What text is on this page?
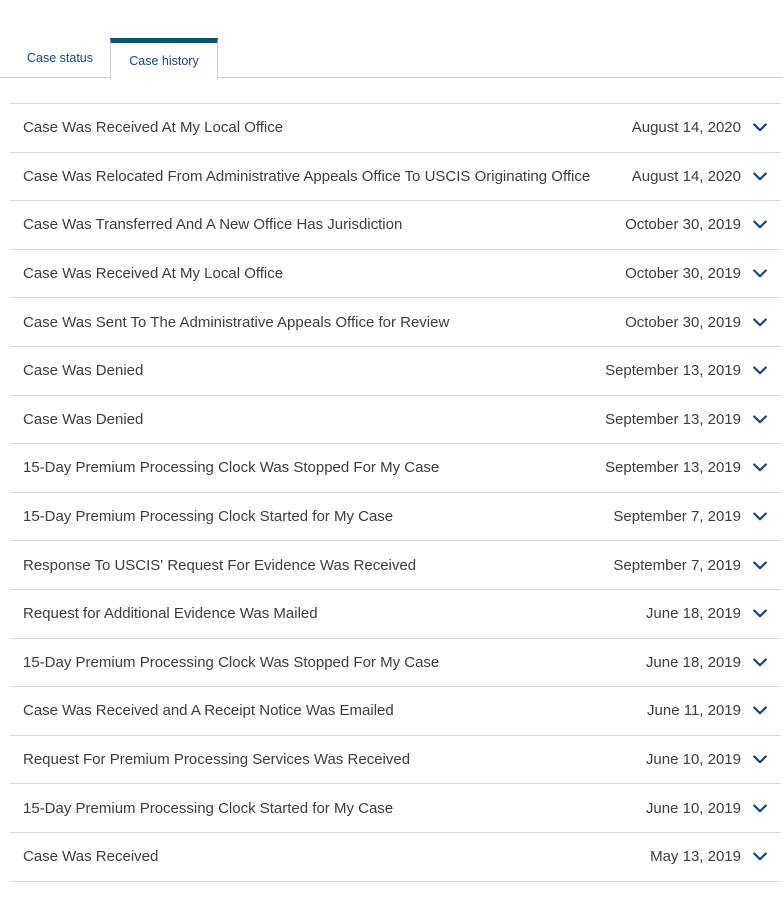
Case status	Case history
Case Was Received At My Local Office	August 14, 2020
Case Was Relocated From Administrative Appeals Office To USCIS Originating Office	August 14, 2020
Case Was Transferred And A New Office Has Jurisdiction	October 30, 2019
Case Was Received At My Local Office	October 30, 2019
Case Was Sent To The Administrative Appeals Office for Review	October 30, 2019
Case Was Denied	September 13, 2019
Case Was Denied	September 13, 2019
15-Day Premium Processing Clock Was Stopped For My Case	September 13, 2019
15-Day Premium Processing Clock Started for My Case	September 7, 2019
Response To USCIS' Request For Evidence Was Received	September 7, 2019
Request for Additional Evidence Was Mailed	June 18, 2019
15-Day Premium Processing Clock Was Stopped For My Case	June 18, 2019
Case Was Received and A Receipt Notice Was Emailed	June 11, 2019
Request For Premium Processing Services Was Received	June 10, 2019
15-Day Premium Processing Clock Started for My Case	June 10, 2019
Case Was Received	May 13, 2019
